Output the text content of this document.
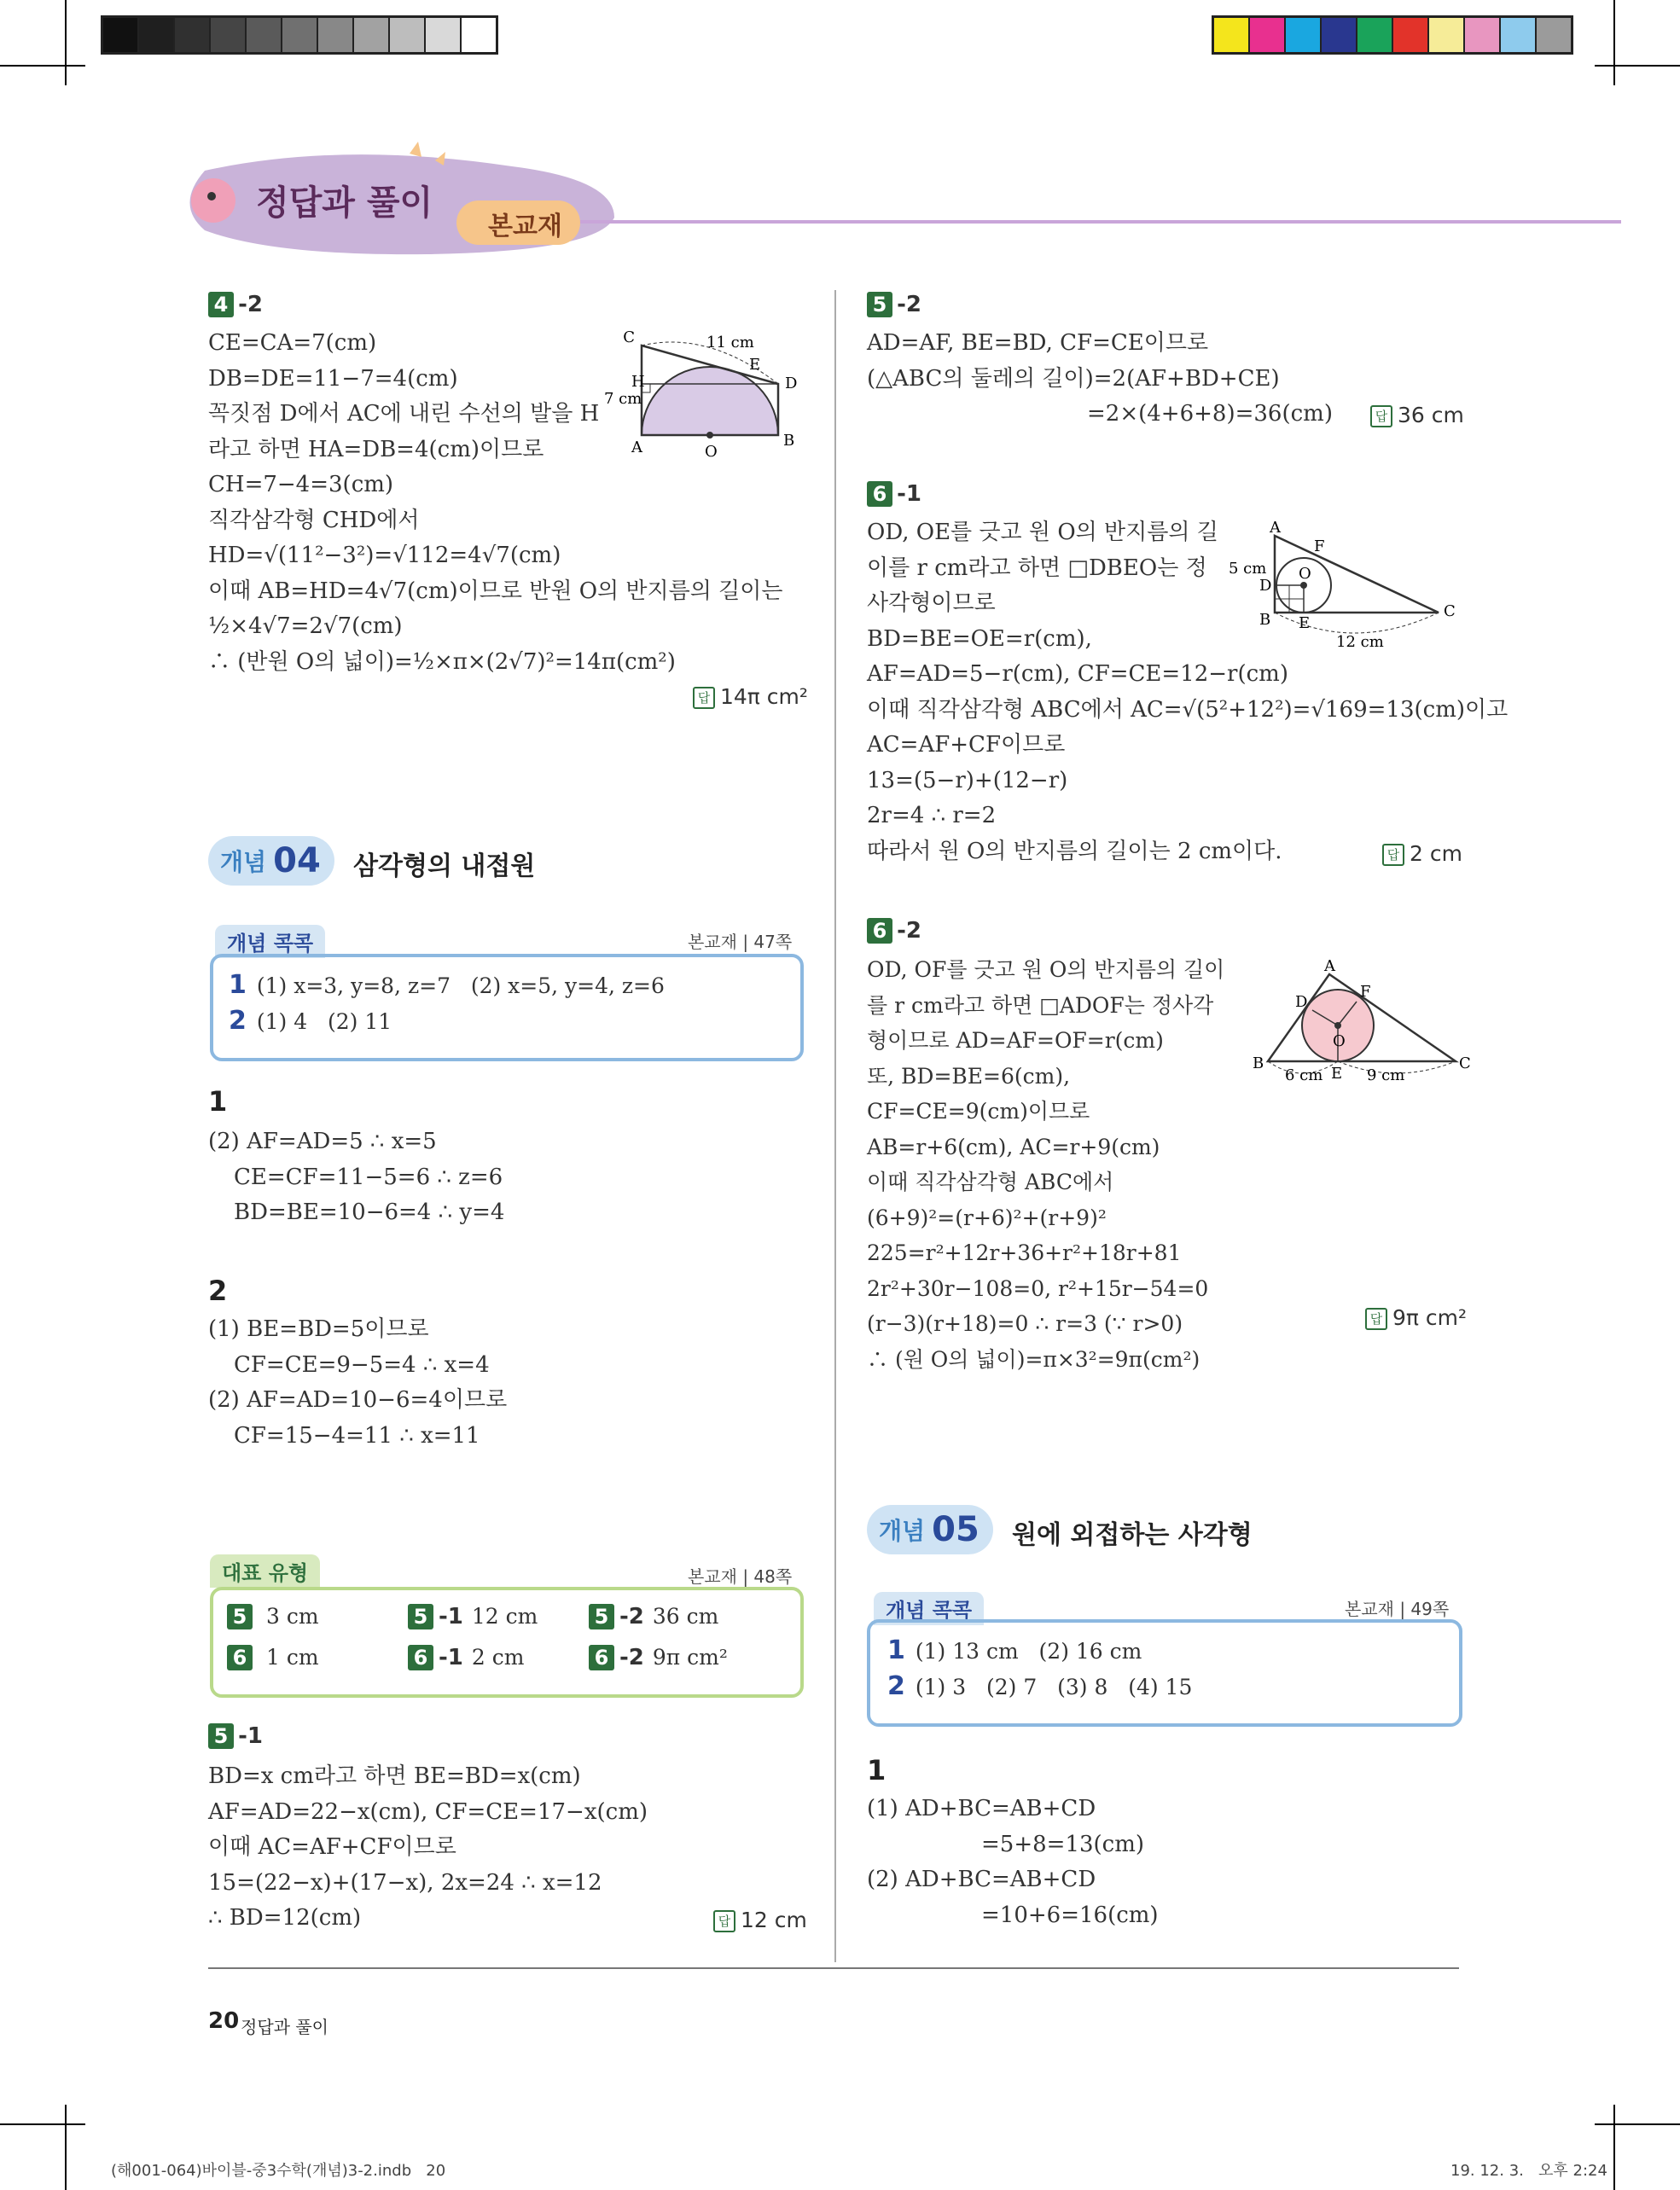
정답과 풀이
본교재
4 -2
CE=CA=7(cm)
DB=DE=11−7=4(cm)
꼭짓점 D에서 AC에 내린 수선의 발을 H
라고 하면 HA=DB=4(cm)이므로
CH=7−4=3(cm)
직각삼각형 CHD에서
HD=√(11²−3²)=√112=4√7(cm)
이때 AB=HD=4√7(cm)이므로 반원 O의 반지름의 길이는
½×4√7=2√7(cm)
∴ (반원 O의 넓이)=½×π×(2√7)²=14π(cm²)
답 14π cm²
C
E
D
H
A	O
B
11 cm
7 cm
개념 04 삼각형의 내접원
개념 콕콕	본교재 | 47쪽
1 (1) x=3, y=8, z=7   (2) x=5, y=4, z=6
2 (1) 4   (2) 11
1
(2) AF=AD=5 ∴ x=5
CE=CF=11−5=6 ∴ z=6
BD=BE=10−6=4 ∴ y=4
2
(1) BE=BD=5이므로
CF=CE=9−5=4 ∴ x=4
(2) AF=AD=10−6=4이므로
CF=15−4=11 ∴ x=11
대표 유형	본교재 | 48쪽
5 3 cm	5 -1 12 cm	5 -2 36 cm
6 1 cm	6 -1 2 cm	6 -2 9π cm²
5 -1
BD=x cm라고 하면 BE=BD=x(cm)
AF=AD=22−x(cm), CF=CE=17−x(cm)
이때 AC=AF+CF이므로
15=(22−x)+(17−x), 2x=24 ∴ x=12
∴ BD=12(cm)	답 12 cm
5 -2
AD=AF, BE=BD, CF=CE이므로
(△ABC의 둘레의 길이)=2(AF+BD+CE)
=2×(4+6+8)=36(cm)	답 36 cm
6 -1
OD, OE를 긋고 원 O의 반지름의 길
이를 r cm라고 하면 □DBEO는 정
사각형이므로
BD=BE=OE=r(cm),
AF=AD=5−r(cm), CF=CE=12−r(cm)
이때 직각삼각형 ABC에서 AC=√(5²+12²)=√169=13(cm)이고
AC=AF+CF이므로
13=(5−r)+(12−r)
2r=4 ∴ r=2
따라서 원 O의 반지름의 길이는 2 cm이다.	답 2 cm
A
F
D
O
B E
C
5 cm
12 cm
6 -2
OD, OF를 긋고 원 O의 반지름의 길이
를 r cm라고 하면 □ADOF는 정사각
형이므로 AD=AF=OF=r(cm)
또, BD=BE=6(cm),
CF=CE=9(cm)이므로
AB=r+6(cm), AC=r+9(cm)
이때 직각삼각형 ABC에서
(6+9)²=(r+6)²+(r+9)²
225=r²+12r+36+r²+18r+81
2r²+30r−108=0, r²+15r−54=0
(r−3)(r+18)=0 ∴ r=3 (∵ r>0)
∴ (원 O의 넓이)=π×3²=9π(cm²)
답 9π cm²
A
D
F
O
B
E
C
6 cm	9 cm
개념 05 원에 외접하는 사각형
개념 콕콕	본교재 | 49쪽
1 (1) 13 cm   (2) 16 cm
2 (1) 3   (2) 7   (3) 8   (4) 15
1
(1) AD+BC=AB+CD
=5+8=13(cm)
(2) AD+BC=AB+CD
=10+6=16(cm)
20 정답과 풀이
(해001-064)바이블-중3수학(개념)3-2.indb   20	19. 12. 3.   오후 2:24
